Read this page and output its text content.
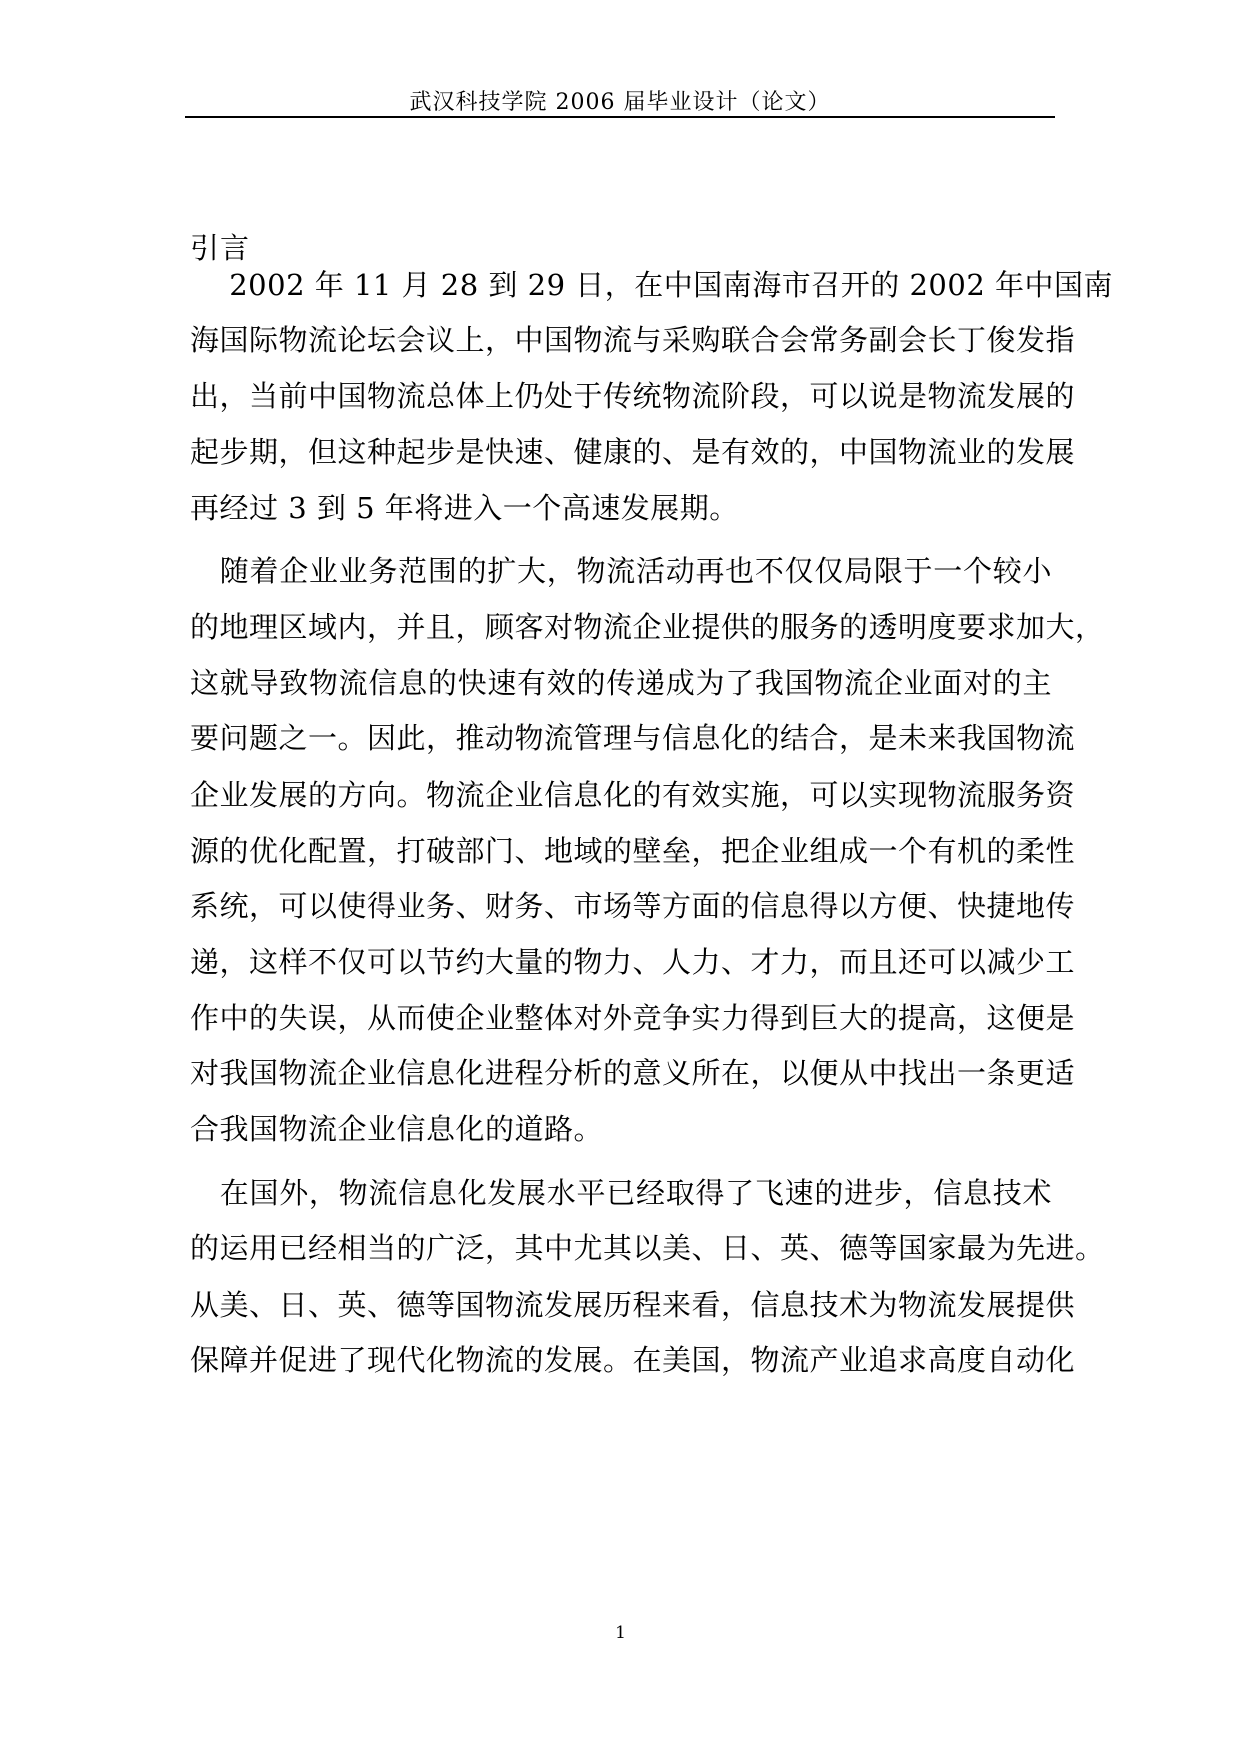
武汉科技学院 2006 届毕业设计（论文）
引言
　 2002 年 11 月 28 到 29 日，在中国南海市召开的 2002 年中国南
海国际物流论坛会议上，中国物流与采购联合会常务副会长丁俊发指
出，当前中国物流总体上仍处于传统物流阶段，可以说是物流发展的
起步期，但这种起步是快速、健康的、是有效的，中国物流业的发展
再经过 3 到 5 年将进入一个高速发展期。
　随着企业业务范围的扩大，物流活动再也不仅仅局限于一个较小
的地理区域内，并且，顾客对物流企业提供的服务的透明度要求加大，
这就导致物流信息的快速有效的传递成为了我国物流企业面对的主
要问题之一。因此，推动物流管理与信息化的结合，是未来我国物流
企业发展的方向。物流企业信息化的有效实施，可以实现物流服务资
源的优化配置，打破部门、地域的壁垒，把企业组成一个有机的柔性
系统，可以使得业务、财务、市场等方面的信息得以方便、快捷地传
递，这样不仅可以节约大量的物力、人力、才力，而且还可以减少工
作中的失误，从而使企业整体对外竞争实力得到巨大的提高，这便是
对我国物流企业信息化进程分析的意义所在，以便从中找出一条更适
合我国物流企业信息化的道路。
　在国外，物流信息化发展水平已经取得了飞速的进步，信息技术
的运用已经相当的广泛，其中尤其以美、日、英、德等国家最为先进。
从美、日、英、德等国物流发展历程来看，信息技术为物流发展提供
保障并促进了现代化物流的发展。在美国，物流产业追求高度自动化
1
